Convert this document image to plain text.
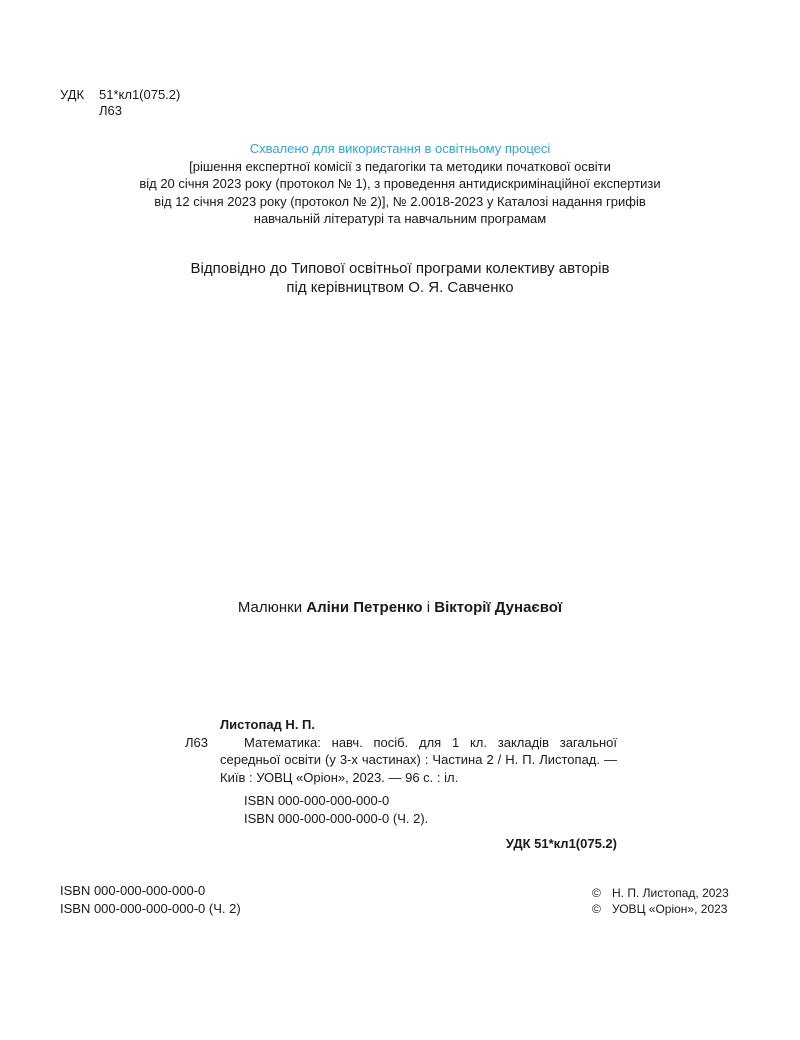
УДК 51*кл1(075.2)
Л63
Схвалено для використання в освітньому процесі
[рішення експертної комісії з педагогіки та методики початкової освіти
від 20 січня 2023 року (протокол № 1), з проведення антидискримінаційної експертизи
від 12 січня 2023 року (протокол № 2)], № 2.0018-2023 у Каталозі надання грифів
навчальній літературі та навчальним програмам
Відповідно до Типової освітньої програми колективу авторів
під керівництвом О. Я. Савченко
Малюнки Аліни Петренко і Вікторії Дунаєвої
Листопад Н. П.
Л63	Математика: навч. посіб. для 1 кл. закладів загальної середньої освіти (у 3-х частинах) : Частина 2 / Н. П. Листопад. — Київ : УОВЦ «Оріон», 2023. — 96 с. : іл.
ISBN 000-000-000-000-0
ISBN 000-000-000-000-0 (Ч. 2).
УДК 51*кл1(075.2)
ISBN 000-000-000-000-0
ISBN 000-000-000-000-0 (Ч. 2)
© Н. П. Листопад, 2023
© УОВЦ «Оріон», 2023
